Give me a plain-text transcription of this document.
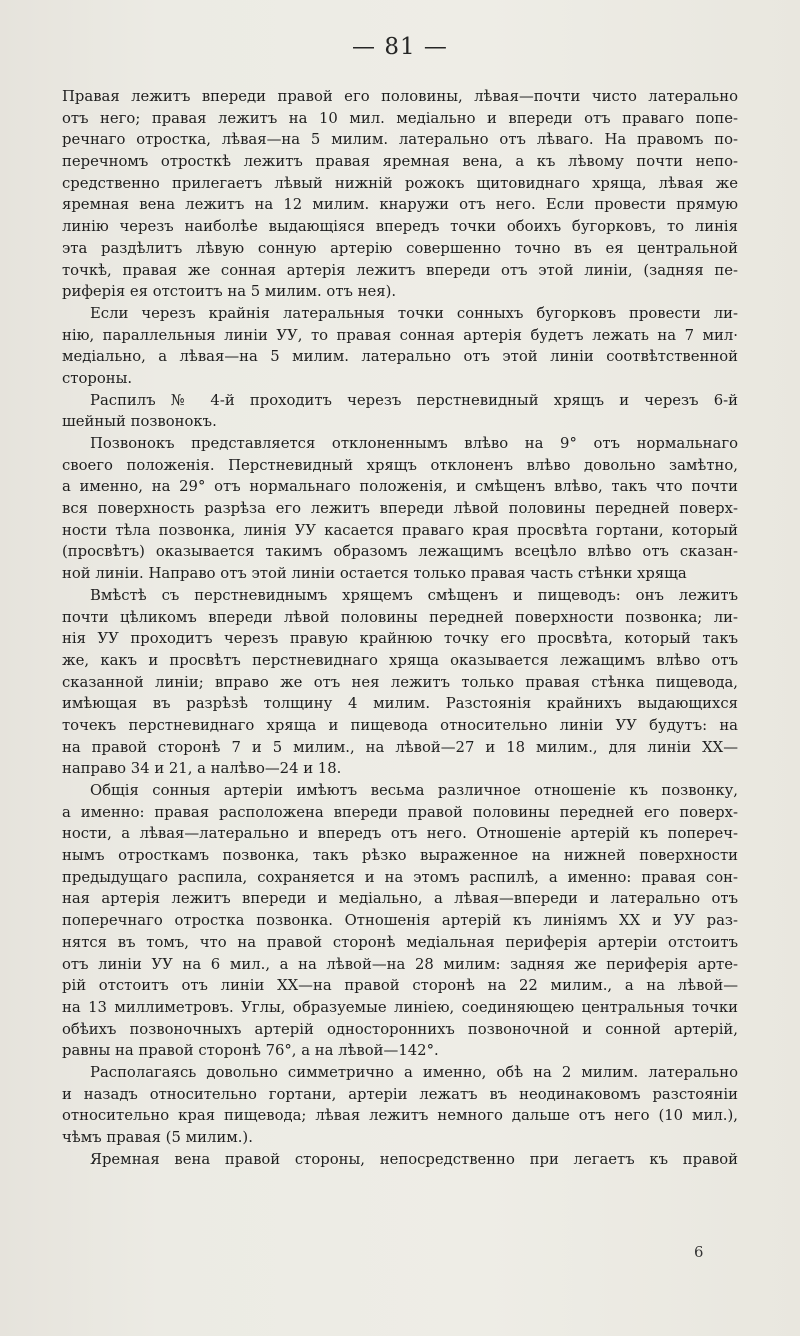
— 81 —
Правая лежитъ впереди правой его половины, лѣвая—почти чисто латерально
отъ него; правая лежитъ на 10 мил. медіально и впереди отъ праваго попе-
речнаго отростка, лѣвая—на 5 милим. латерально отъ лѣваго. На правомъ по-
перечномъ отросткѣ лежитъ правая яремная вена, а къ лѣвому почти непо-
средственно прилегаетъ лѣвый нижній рожокъ щитовиднаго хряща, лѣвая же
яремная вена лежитъ на 12 милим. кнаружи отъ него. Если провести прямую
линію черезъ наиболѣе выдающіяся впередъ точки обоихъ бугорковъ, то линія
эта раздѣлитъ лѣвую сонную артерію совершенно точно въ ея центральной
точкѣ, правая же сонная артерія лежитъ впереди отъ этой линіи, (задняя пе-
риферія ея отстоитъ на 5 милим. отъ нея).
Если черезъ крайнія латеральныя точки сонныхъ бугорковъ провести ли-
нію, параллельныя линіи УУ, то правая сонная артерія будетъ лежать на 7 мил·
медіально, а лѣвая—на 5 милим. латерально отъ этой линіи соотвѣтственной
стороны.
Распилъ № 4-й проходитъ черезъ перстневидный хрящъ и черезъ 6-й
шейный позвонокъ.
Позвонокъ представляется отклоненнымъ влѣво на 9° отъ нормальнаго
своего положенія. Перстневидный хрящъ отклоненъ влѣво довольно замѣтно,
а именно, на 29° отъ нормальнаго положенія, и смѣщенъ влѣво, такъ что почти
вся поверхность разрѣза его лежитъ впереди лѣвой половины передней поверх-
ности тѣла позвонка, линія УУ касается праваго края просвѣта гортани, который
(просвѣтъ) оказывается такимъ образомъ лежащимъ всецѣло влѣво отъ сказан-
ной линіи. Направо отъ этой линіи остается только правая часть стѣнки хряща
Вмѣстѣ съ перстневиднымъ хрящемъ смѣщенъ и пищеводъ: онъ лежитъ
почти цѣликомъ впереди лѣвой половины передней поверхности позвонка; ли-
нія УУ проходитъ черезъ правую крайнюю точку его просвѣта, который такъ
же, какъ и просвѣтъ перстневиднаго хряща оказывается лежащимъ влѣво отъ
сказанной линіи; вправо же отъ нея лежитъ только правая стѣнка пищевода,
имѣющая въ разрѣзѣ толщину 4 милим. Разстоянія крайнихъ выдающихся
точекъ перстневиднаго хряща и пищевода относительно линіи УУ будутъ: на
на правой сторонѣ 7 и 5 милим., на лѣвой—27 и 18 милим., для линіи ХХ—
направо 34 и 21, а налѣво—24 и 18.
Общія сонныя артеріи имѣютъ весьма различное отношеніе къ позвонку,
а именно: правая расположена впереди правой половины передней его поверх-
ности, а лѣвая—латерально и впередъ отъ него. Отношеніе артерій къ попереч-
нымъ отросткамъ позвонка, такъ рѣзко выраженное на нижней поверхности
предыдущаго распила, сохраняется и на этомъ распилѣ, а именно: правая сон-
ная артерія лежитъ впереди и медіально, а лѣвая—впереди и латерально отъ
поперечнаго отростка позвонка. Отношенія артерій къ линіямъ ХХ и УУ раз-
нятся въ томъ, что на правой сторонѣ медіальная периферія артеріи отстоитъ
отъ линіи УУ на 6 мил., а на лѣвой—на 28 милим: задняя же периферія арте-
рій отстоитъ отъ линіи ХХ—на правой сторонѣ на 22 милим., а на лѣвой—
на 13 миллиметровъ. Углы, образуемые линіею, соединяющею центральныя точки
обѣихъ позвоночныхъ артерій одностороннихъ позвоночной и сонной артерій,
равны на правой сторонѣ 76°, а на лѣвой—142°.
Располагаясь довольно симметрично а именно, обѣ на 2 милим. латерально
и назадъ относительно гортани, артеріи лежатъ въ неодинаковомъ разстояніи
относительно края пищевода; лѣвая лежитъ немного дальше отъ него (10 мил.),
чѣмъ правая (5 милим.).
Яремная вена правой стороны, непосредственно при легаетъ къ правой
6
